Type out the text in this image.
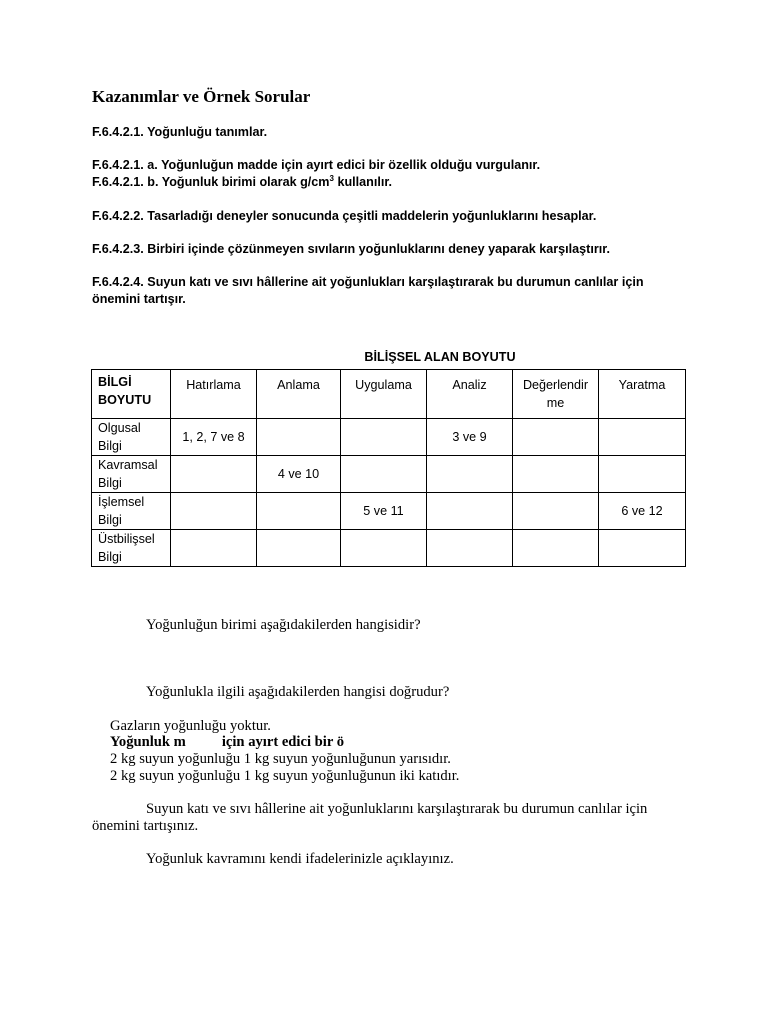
Kazanımlar ve Örnek Sorular
F.6.4.2.1. Yoğunluğu tanımlar.
F.6.4.2.1. a. Yoğunluğun madde için ayırt edici bir özellik olduğu vurgulanır.
F.6.4.2.1. b. Yoğunluk birimi olarak $g/cm^3$ kullanılır.
F.6.4.2.2. Tasarladığı deneyler sonucunda çeşitli maddelerin yoğunluklarını hesaplar.
F.6.4.2.3. Birbiri içinde çözünmeyen sıvıların yoğunluklarını deney yaparak karşılaştırır.
F.6.4.2.4. Suyun katı ve sıvı hâllerine ait yoğunlukları karşılaştırarak bu durumun canlılar için
önemini tartışır.
BİLİŞSEL ALAN BOYUTU
BİLGİ
BOYUTU	Hatırlama	Anlama	Uygulama	Analiz	Değerlendir me	Yaratma

Olgusal
Bilgi	1, 2, 7 ve 8			3 ve 9		

Kavramsal
Bilgi		4 ve 10				

İşlemsel
Bilgi			5 ve 11			6 ve 12

Üstbilişsel
Bilgi						

Yoğunluğun birimi aşağıdakilerden hangisidir?
Yoğunlukla ilgili aşağıdakilerden hangisi doğrudur?
Gazların yoğunluğu yoktur.
Yoğunluk m için ayırt edici bir ö
2 kg suyun yoğunluğu 1 kg suyun yoğunluğunun yarısıdır.
2 kg suyun yoğunluğu 1 kg suyun yoğunluğunun iki katıdır.
Suyun katı ve sıvı hâllerine ait yoğunluklarını karşılaştırarak bu durumun canlılar için
önemini tartışınız.
Yoğunluk kavramını kendi ifadelerinizle açıklayınız.
